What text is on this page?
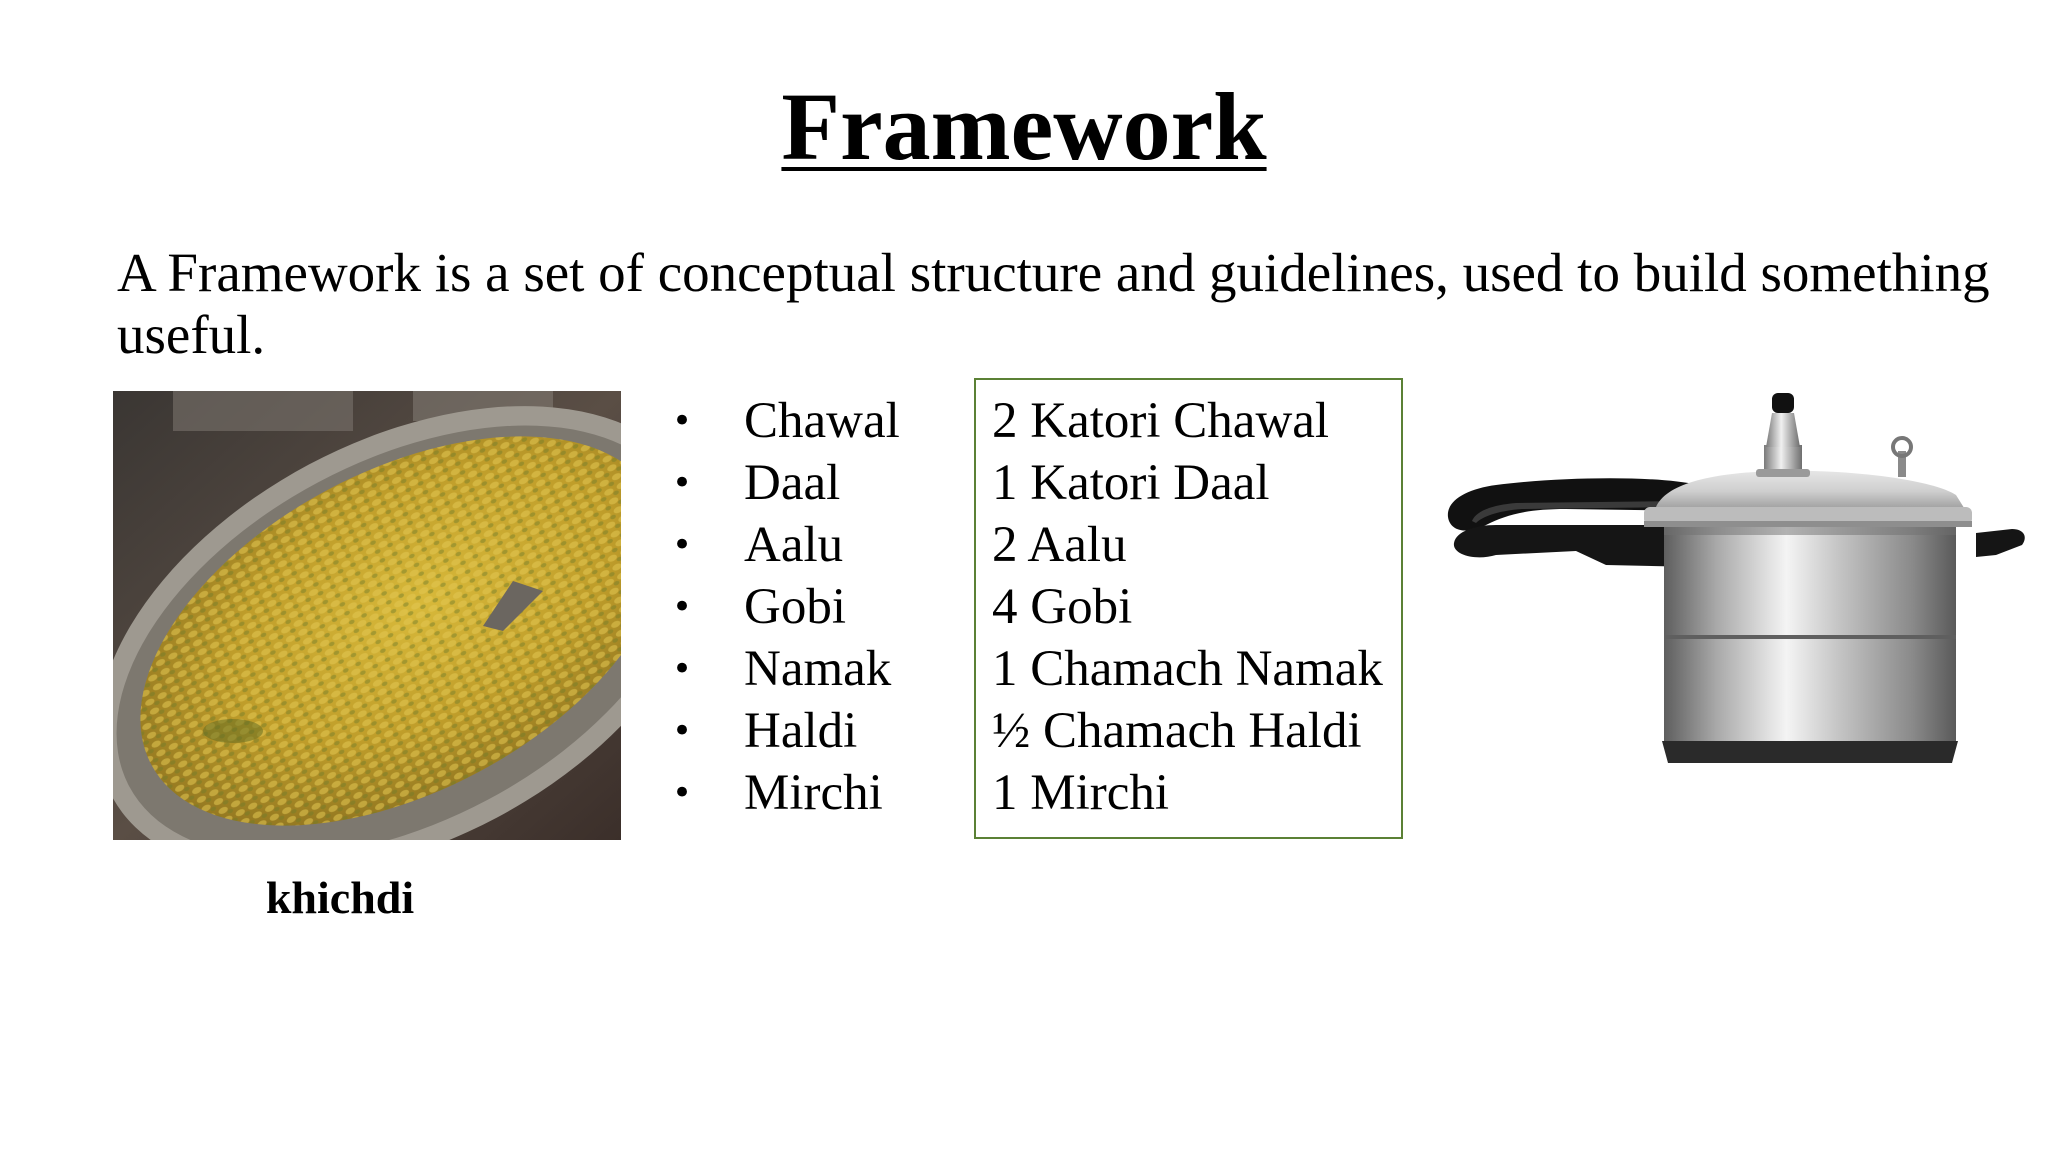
Framework
A Framework is a set of conceptual structure and guidelines, used to build something useful.
khichdi
• Chawal
• Daal
• Aalu
• Gobi
• Namak
• Haldi
• Mirchi
2 Katori Chawal
1 Katori Daal
2 Aalu
4 Gobi
1 Chamach Namak
½ Chamach Haldi
1 Mirchi
